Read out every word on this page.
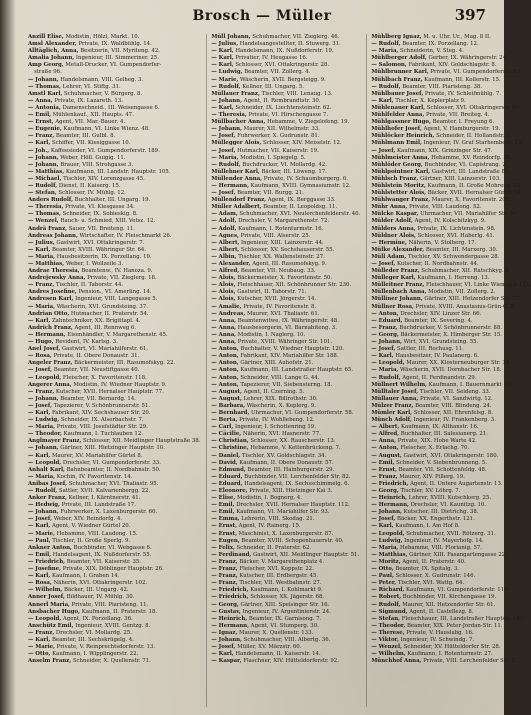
Brosch — Müller	397
Anzill Elise, Modistin, Hölzl, Markt. 10.
Amsl Alexander, Private, IX. Waldbühlg. 14.
Alltäglich, Anna, Besitzerin, VII. Myriteng. 42.
Amalia Johann, Ingenieur, III. Simmeriner. 25.
Amp Georg, Metall-Drucker, VI. Gumpendorfer-
straße 96.
— Johann, Handelsmann, VIII. Gelheg. 3.
— Thomas, Lehrer, VI. Stiftg. 31.
Amstl Karl, Schuhmacher, V. Bürgerg. 8.
— Anna, Private, IX. Lazareth. 13.
— Antonia, Damenschneid., III. Weisengasse 6.
— Emil, Mühlenkauf., XII. Haupts. 47.
— Ernst, Agent, VII. Mar.-Bauer. 4.
— Eugenie, Kaufmann, VI. Linke Wienz. 48.
— Franz, Beamter, III. Gulbl. 8.
— Karl, Schiffer, VII. Kiesiggasse 10.
— Joh., Kaffeesieder, VI. Gumpendorferstr. 189.
— Johann, Weber, Höll. Guigig. 11.
— Johann, Brauer, VIII. Strohgasse 3.
— Matthias, Kaufmann, III. Landstr. Hauptstr. 105.
— Michael, Tischler, XIV. Lorenzgasse 45.
— Rudolf, Dienst, II. Kaiserg. 15.
— Stefan, Schlosser, IV. Mühlg. 12.
Anders Rudolf, Buchhalter, III. Ungarg. 19.
— Theresia, Private, VI. Kiesgasse 34.
— Thomas, Schneider, IX. Sobieskig. 8.
— Wenzel, Rauch- u. Schmied, XIII. Vetsz. 12.
Andrä Franz, Sauer, VII. Breiteng. 11.
Andreas Johann, Wirtschafter, IV. Fleischmarkt 26.
— Julius, Gastwirt, XVI. Ottakringerstr. 7.
— Karl, Beamter, XVIII. Währinger Str. 64.
— Maria, Hausbesitzerin, IX. Porzellang. 19.
— Matthias, Weber, I. Wollzeile 3.
Andrae Theresia, Beamtenw., IV. Hanoza. 9.
Andrejewsky Anna, Private, VII. Zieglerg. 18.
— Franz, Tischler, II. Taborstr. 44.
Andres Josefine, Pension., VI. Amerling. 14.
Andresen Karl, Ingenieur, VIII. Langegasse 5.
— Maria, Wäscherin, XVI. Grundsteing. 37.
Andrian Otto, Hutmacher, II. Praterstr. 54.
— Karl, Zahntechniker, XX. Brigittapl. 4.
Andrich Franz, Agent, III. Rennweg 6.
— Hermann, Eisenhändler, V. Margarethenstr. 45.
— Hugo, Revident, IV. Karlsg. 3.
Anel Josef, Gastwirt, VI. Mariahilferstr. 61.
— Rosa, Private, II. Obere Donaustr. 31.
Angeler Franz, Bäckermeister, III. Rasumofskyg. 22.
— Josef, Beamter, VII. Neustiftgasse 40.
— Leopold, Fleischer, X. Favoritenstr. 118.
Angerer Anna, Modistin, IV. Wiedner Hauptstr. 9.
— Franz, Kutscher, XVII. Hernalser Hauptstr. 77.
— Johann, Beamter, VII. Bernardg. 14.
— Josef, Tapezierer, V. Schönbrunnerstr. 51.
— Karl, Fabrikant, XIV. Sechshauser Str. 20.
— Ludwig, Schneider, IX. Alserbachstr. 7.
— Maria, Private, VIII. Josefstädter Str. 29.
— Theodor, Kaufmann, I. Tuchlauben 12.
Anglmayer Franz, Schlosser, XII. Meidlinger Hauptstraße 38.
— Johann, Gärtner, XIII. Hietzinger Hauptstr. 10.
— Karl, Maurer, XV. Mariahilfer Gürtel 8.
— Leopold, Drechsler, VI. Gumpendorferstr. 33.
Anhalt Karl, Bahnbeamter, II. Nordbahnstr. 50.
— Maria, Kochin, IV. Favoritenstr. 14.
Anibas Josef, Schuhmacher, XVI. Thaliastr. 95.
— Rudolf, Sattler, XVII. Kalvarienbergg. 22.
Anker Franz, Kellner, I. Kärntnerstr. 41.
— Hedwig, Private, III. Landstraße 17.
— Johann, Fuhrwerker, X. Laxenburgerstr. 60.
— Josef, Weber, XIV. Reindorfg. 4.
— Karl, Agent, V. Wiedner Gürtel 20.
— Marie, Hebamme, VIII. Laudong. 15.
— Paul, Tischler, II. Große Sperlg. 9.
Ankner Anton, Buchbinder, VI. Webgasse 6.
— Emil, Handelsagent, IX. Nußdorferstr. 55.
— Friedrich, Beamter, VII. Kaiserstr. 35.
— Josefine, Private, XIX. Döblinger Hauptstr. 26.
— Karl, Kaufmann, I. Graben 14.
— Rosa, Näherin, XVI. Ottakringerstr. 102.
— Wilhelm, Bäcker, III. Ungarg. 42.
Anner Josef, Bildhauer, IV. Mühlg. 30.
Annerl Maria, Private, VIII. Piaristeng. 11.
Ansbacher Hugo, Kaufmann, II. Praterstr. 18.
— Leopold, Agent, IX. Porzellang. 36.
Anschütz Emil, Ingenieur, XVIII. Gentzg. 8.
— Franz, Drechsler, VI. Mollardg. 25.
— Karl, Beamter, III. Sechskrügelg. 4.
— Marie, Private, V. Reinprechtsdorferstr. 13.
— Otto, Kaufmann, I. Wipplingerstr. 22.
Anselm Franz, Schneider, X. Quellenstr. 71.
Müll Johann, Schuhmacher, VII. Zieglerg. 46.
— Julius, Handelsangestellter, II. Stuwerg. 31.
— Karl, Handelsmann, IX. Nußdorferstr. 19.
— Karl, Privatier, IV. Heugasse 16.
— Karl, Schlosser, XVI. Ottakringerstr. 28.
— Ludwig, Beamter, VII. Zollerg. 4.
— Marie, Wäscherin, XVII. Bergsteigg. 9.
— Rudolf, Kellner, III. Ungarg. 5.
Müllauer Franz, Tischler, VIII. Lenaug. 13.
— Johann, Agent, II. Rembrandtstr. 30.
— Karl, Schneider, IX. Liechtensteinstr. 62.
— Theresia, Private, VI. Hirschengasse 7.
Müllbacher Anna, Hebamme, V. Ziegelofeng. 19.
— Johann, Maurer, XII. Wilhelmstr. 33.
— Josef, Fuhrwerker, X. Gudrunstr. 81.
Müllegger Alois, Schlosser, XIV. Meiselstr. 12.
— Josef, Hutmacher, VII. Kaiserstr. 19.
— Maria, Modistin, I. Spiegelg. 5.
— Rudolf, Buchdrucker, VI. Mollardg. 42.
Müllehner Karl, Bäcker, III. Löweng. 17.
Müllender Anna, Private, IV. Schaumburgerg. 6.
— Hermann, Kaufmann, XVIII. Gymnasiumstr. 12.
— Josef, Beamter, VII. Burgg. 21.
Müllendorf Franz, Agent, IX. Berggasse 33.
Müller Adalbert, Beamter, II. Leopoldsg. 11.
— Adam, Schuhmacher, XVI. Neulerchenfelderstr. 40.
— Adolf, Drechsler, V. Margarethenstr. 72.
— Adolf, Kaufmann, I. Rotenturmstr. 16.
— Agnes, Private, VIII. Alserstr. 25.
— Albert, Ingenieur, XIII. Lainzerstr. 44.
— Albert, Schlosser, XV. Sechshauserstr. 55.
— Albin, Tischler, XX. Wallensteinstr. 27.
— Alexander, Agent, III. Rasumofskyg. 9.
— Alfred, Beamter, VII. Neubaug. 33.
— Alois, Bäckermeister, X. Favoritenstr. 50.
— Alois, Fleischhauer, XII. Schönbrunner Str. 230.
— Alois, Gastwirt, II. Taborstr. 71.
— Alois, Kutscher, XVII. Jörgerstr. 14.
— Amalie, Private, IV. Favoritenstr. 8.
— Andreas, Maurer, XVI. Thaliastr. 61.
— Anna, Beamtenwitwe, IX. Währingerstr. 48.
— Anna, Hausbesorgerin, VI. Barnabiteng. 3.
— Anna, Modistin, I. Naglerg. 10.
— Anna, Private, XVIII. Währinger Str. 101.
— Anton, Buchhalter, V. Wiedner Hauptstr. 120.
— Anton, Fabrikant, XIV. Mariahilfer Str. 188.
— Anton, Gärtner, XIII. Auhofstr. 21.
— Anton, Kaufmann, III. Landstraßer Hauptstr. 65.
— Anton, Schneider, VIII. Lange G. 44.
— Anton, Tapezierer, VII. Siebensterng. 18.
— August, Agent, II. Czerning. 5.
— August, Lehrer, XIX. Billrothstr. 30.
— Barbara, Wäscherin, X. Keplerg. 9.
— Bernhard, Uhrmacher, VI. Gumpendorferstr. 58.
— Berta, Private, IV. Wohllebeng. 12.
— Carl, Ingenieur, I. Schottenring 19.
— Cäcilie, Näherin, XVI. Hasnerstr. 77.
— Christian, Schlosser, XX. Rauscherstr. 13.
— Christine, Hebamme, V. Kettenbrückeng. 7.
— Daniel, Tischler, XV. Goldschlagstr. 34.
— David, Kaufmann, II. Obere Donaustr. 57.
— Edmund, Beamter, III. Hainburgerstr. 29.
— Eduard, Buchbinder, VII. Lerchenfelder Str. 82.
— Eduard, Handelsagent, IX. Sechsschimmelg. 6.
— Eleonore, Private, XIII. Hietzinger Kai 3.
— Elise, Modistin, I. Bognerg. 4.
— Emil, Drechsler, XVII. Hernalser Hauptstr. 112.
— Emil, Kaufmann, VI. Mariahilfer Str. 93.
— Emma, Lehrerin, VIII. Skodag. 21.
— Ernst, Agent, IV. Rainerg. 15.
— Ernst, Maschinist, X. Laxenburgerstr. 87.
— Eugen, Beamter, XVIII. Schopenhauerstr. 40.
— Felix, Schneider, II. Praterstr. 62.
— Ferdinand, Gastwirt, XII. Meidlinger Hauptstr. 51.
— Franz, Bäcker, V. Margarethenplatz 4.
— Franz, Fleischer, XVI. Koppstr. 22.
— Franz, Kutscher, III. Erdbergstr. 45.
— Franz, Tischler, VII. Westbahnstr. 27.
— Friedrich, Kaufmann, I. Kohlmarkt 9.
— Friedrich, Schlosser, XX. Jägerstr. 68.
— Georg, Gärtner, XIII. Speisinger Str. 16.
— Gustav, Ingenieur, IV. Argentinierstr. 24.
— Heinrich, Beamter, IX. Garnisong. 7.
— Hermann, Agent, VI. Stumperg. 30.
— Ignaz, Maurer, X. Quellenstr. 133.
— Johann, Schuhmacher, VIII. Albertg. 36.
— Josef, Müller, XV. Märzstr. 60.
— Karl, Handelsmann, II. Kaiserstr. 14.
— Kaspar, Flaschner, XIV. Hütteldorferstr. 92.
Mühlberg Ignaz, M. u. Uhr. Ur., Mag. 8 II.
— Rudolf, Beamter, IX. Porzellang. 12.
— Maria, Schneiderin, V. Steg. 4.
Mühlberger Adolf, Gerber, IX. Währingerstr. 24.
— Salomon, Fabrikant, XIV. Goldschlagstr. 8.
Mühlbrunner Karl, Private, VI. Gumpendorferstr. 63.
Mühlbach Franz, Kaufmann, III. Kollerstr. 15.
— Rudolf, Beamter, VIII. Piaristeng. 38.
Mühlbauer Josef, Private, IV. Schleifmühlg. 7.
— Karl, Tischler, X. Keplerplatz 9.
Mühlenauer Karl, Schlosser, XVI. Ottakringerstr. 40.
Mühlfelder Anna, Private, VII. Breiteg. 4.
Mühlgassner Hugo, Beamter, I. Freyung 6.
Mühlhofer Josef, Agent, V. Hamburgerstr. 19.
Mühlöcker Heinrich, Schneider, II. Hollandstr. 3.
Mühlmann Emil, Ingenieur, IV. Graf Starhemberg. 12.
— Josef, Kaufmann, XIX. Grinzinger Str. 47.
Mühlmeister Anna, Hebamme, XV. Reindorfg. 30.
Mühlöder Georg, Buchbinder, VI. Capistrang. 2.
Mühlpointner Karl, Gastwirt, III. Landstraße 81.
Mühlsch Franz, Gärtner, XIII. Lainzerstr. 103.
Mühlstein Moritz, Kaufmann, II. Große Mohreng. 23.
Mühlstetter Alois, Bäcker, XVII. Hernalser Gürtel 16.
Mühlwanger Franz, Maurer, X. Favoritenstr. 202.
Mühr Anna, Private, VIII. Laudong. 52.
Mülcke Kaspar, Uhrmacher, VII. Mariahilfer Str. 36.
Mülder Adolf, Agent, IV. Kolschitzkyg. 9.
Mülders Anna, Private, IX. Lichtenstein. 98.
Müldner Alois, Schlosser, XVI. Haberlg. 41.
— Hermine, Näherin, V. Stolberg. 17.
Mülke Alexander, Beamter, III. Marxerg. 30.
Müll Adam, Tischler, XV. Schwendergasse 28.
— Josef, Kutscher, II. Nordbahnstr. 44.
Mülleder Franz, Schuhmacher, XII. Ratschkyg. 6.
Mülleger Karl, Kaufmann, I. Herreng. 13.
Mülleitner Franz, Fleischhauer, VI. Linke Wienzeile 112.
Müllenbach Anna, Modistin, VII. Zollerg. 2.
Mülliner Johann, Gärtner, XIII. Hetzendorfer Str. 77.
Müllner Rosa, Private, XVIII. Anastasius-Grün-G. 9.
— Anton, Drechsler, XIV. Linzer Str. 66.
— Eduard, Beamter, IX. Severing. 4.
— Franz, Buchdrucker, V. Schönbrunnerstr. 88.
— Georg, Bäckermeister, X. Himberger Str. 15.
— Johann, Wirt, XVI. Grundsteing. 55.
— Josef, Sattler, III. Rochusg. 11.
— Karl, Hausbesitzer, IV. Paulanerg. 6.
— Leopold, Maurer, XX. Klosterneuburger Str. 34.
— Maria, Wäscherin, XVII. Dornbacher Str. 18.
— Rudolf, Agent, II. Ferdinandstr. 29.
Müllnert Wilhelm, Kaufmann, I. Bauernmarkt 20.
Mülltaler Josef, Tischler, VII. Seideng. 33.
Müllauer Anna, Private, VI. Sandwirtg. 12.
Mülzer Franz, Beamter, VIII. Blindeng. 24.
Mümler Karl, Schlosser, XII. Ehrenfelsg. 8.
Münch Adolf, Ingenieur, IV. Frankenberg. 3.
— Albert, Kaufmann, IX. Althanstr. 16.
— Alfred, Buchhalter, III. Salesianerg. 21.
— Anna, Private, XIX. Hohe Warte 42.
— Anton, Fleischer, X. Erlachg. 70.
— August, Gastwirt, XVI. Ottakringerstr. 180.
— Emil, Schneider, V. Siebenbrunneng. 5.
— Ernst, Beamter, VII. Schottenfeldg. 48.
— Franz, Maurer, XIV. Pillerg. 19.
— Friedrich, Agent, II. Untere Augartenstr. 13.
— Georg, Tischler, XV. Löhrg. 7.
— Heinrich, Lehrer, XVIII. Kutschkerg. 25.
— Hermann, Drechsler, VI. Kaunitzg. 10.
— Johann, Kutscher, III. Dietrichg. 38.
— Josef, Bäcker, XX. Engerthstr. 121.
— Karl, Kaufmann, I. Am Hof 8.
— Leopold, Schuhmacher, XVII. Rötzerg. 31.
— Ludwig, Ingenieur, IV. Mayerhofg. 14.
— Maria, Hebamme, VIII. Florianig. 57.
— Matthias, Gärtner, XIII. Fasangartengasse 22.
— Moritz, Agent, II. Praterstr. 40.
— Otto, Beamter, IX. Spitalg. 3.
— Paul, Schlosser, X. Gudrunstr. 146.
— Peter, Tischler, XVI. Wattg. 64.
— Richard, Kaufmann, VI. Gumpendorferstr. 110.
— Robert, Buchbinder, VII. Kirchengasse 19.
— Rudolf, Maurer, XII. Hetzendorfer Str. 61.
— Sigmund, Agent, II. Castellezg. 8.
— Stefan, Fleischhauer, III. Landstraßer Hauptstr. 142.
— Theodor, Beamter, XIX. Peter-Jordan-Str. 11.
— Therese, Private, V. Hauslabg. 16.
— Viktor, Ingenieur, IV. Schwindg. 7.
— Wenzel, Schneider, XV. Hütteldorfer Str. 28.
— Wilhelm, Kaufmann, I. Rotenturmstr. 27.
Münchhof Anna, Private, VIII. Lerchenfelder Str. 2.
